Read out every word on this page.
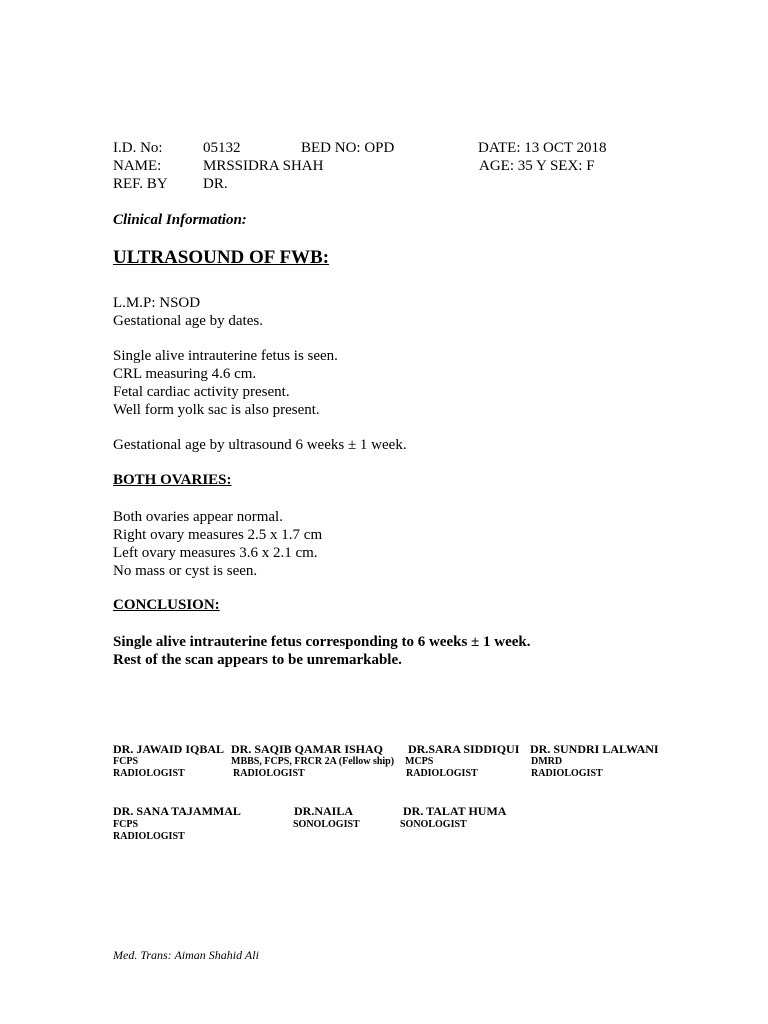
I.D. No:	05132	BED NO: OPD	DATE: 13 OCT 2018
NAME:	MRSSIDRA SHAH	AGE: 35 Y SEX: F
REF. BY DR.
Clinical Information:
ULTRASOUND OF FWB:
L.M.P: NSOD
Gestational age by dates.
Single alive intrauterine fetus is seen.
CRL measuring 4.6 cm.
Fetal cardiac activity present.
Well form yolk sac is also present.
Gestational age by ultrasound 6 weeks ± 1 week.
BOTH OVARIES:
Both ovaries appear normal.
Right ovary measures 2.5 x 1.7 cm
Left ovary measures 3.6 x 2.1 cm.
No mass or cyst is seen.
CONCLUSION:
Single alive intrauterine fetus corresponding to 6 weeks ± 1 week.
Rest of the scan appears to be unremarkable.
DR. JAWAID IQBAL
FCPS
RADIOLOGIST
DR. SAQIB QAMAR ISHAQ
MBBS, FCPS, FRCR 2A (Fellow ship)
RADIOLOGIST
DR.SARA SIDDIQUI
MCPS
RADIOLOGIST
DR. SUNDRI LALWANI
DMRD
RADIOLOGIST
DR. SANA TAJAMMAL
FCPS
RADIOLOGIST
DR.NAILA
SONOLOGIST
DR. TALAT HUMA
SONOLOGIST
Med. Trans: Aiman Shahid Ali
